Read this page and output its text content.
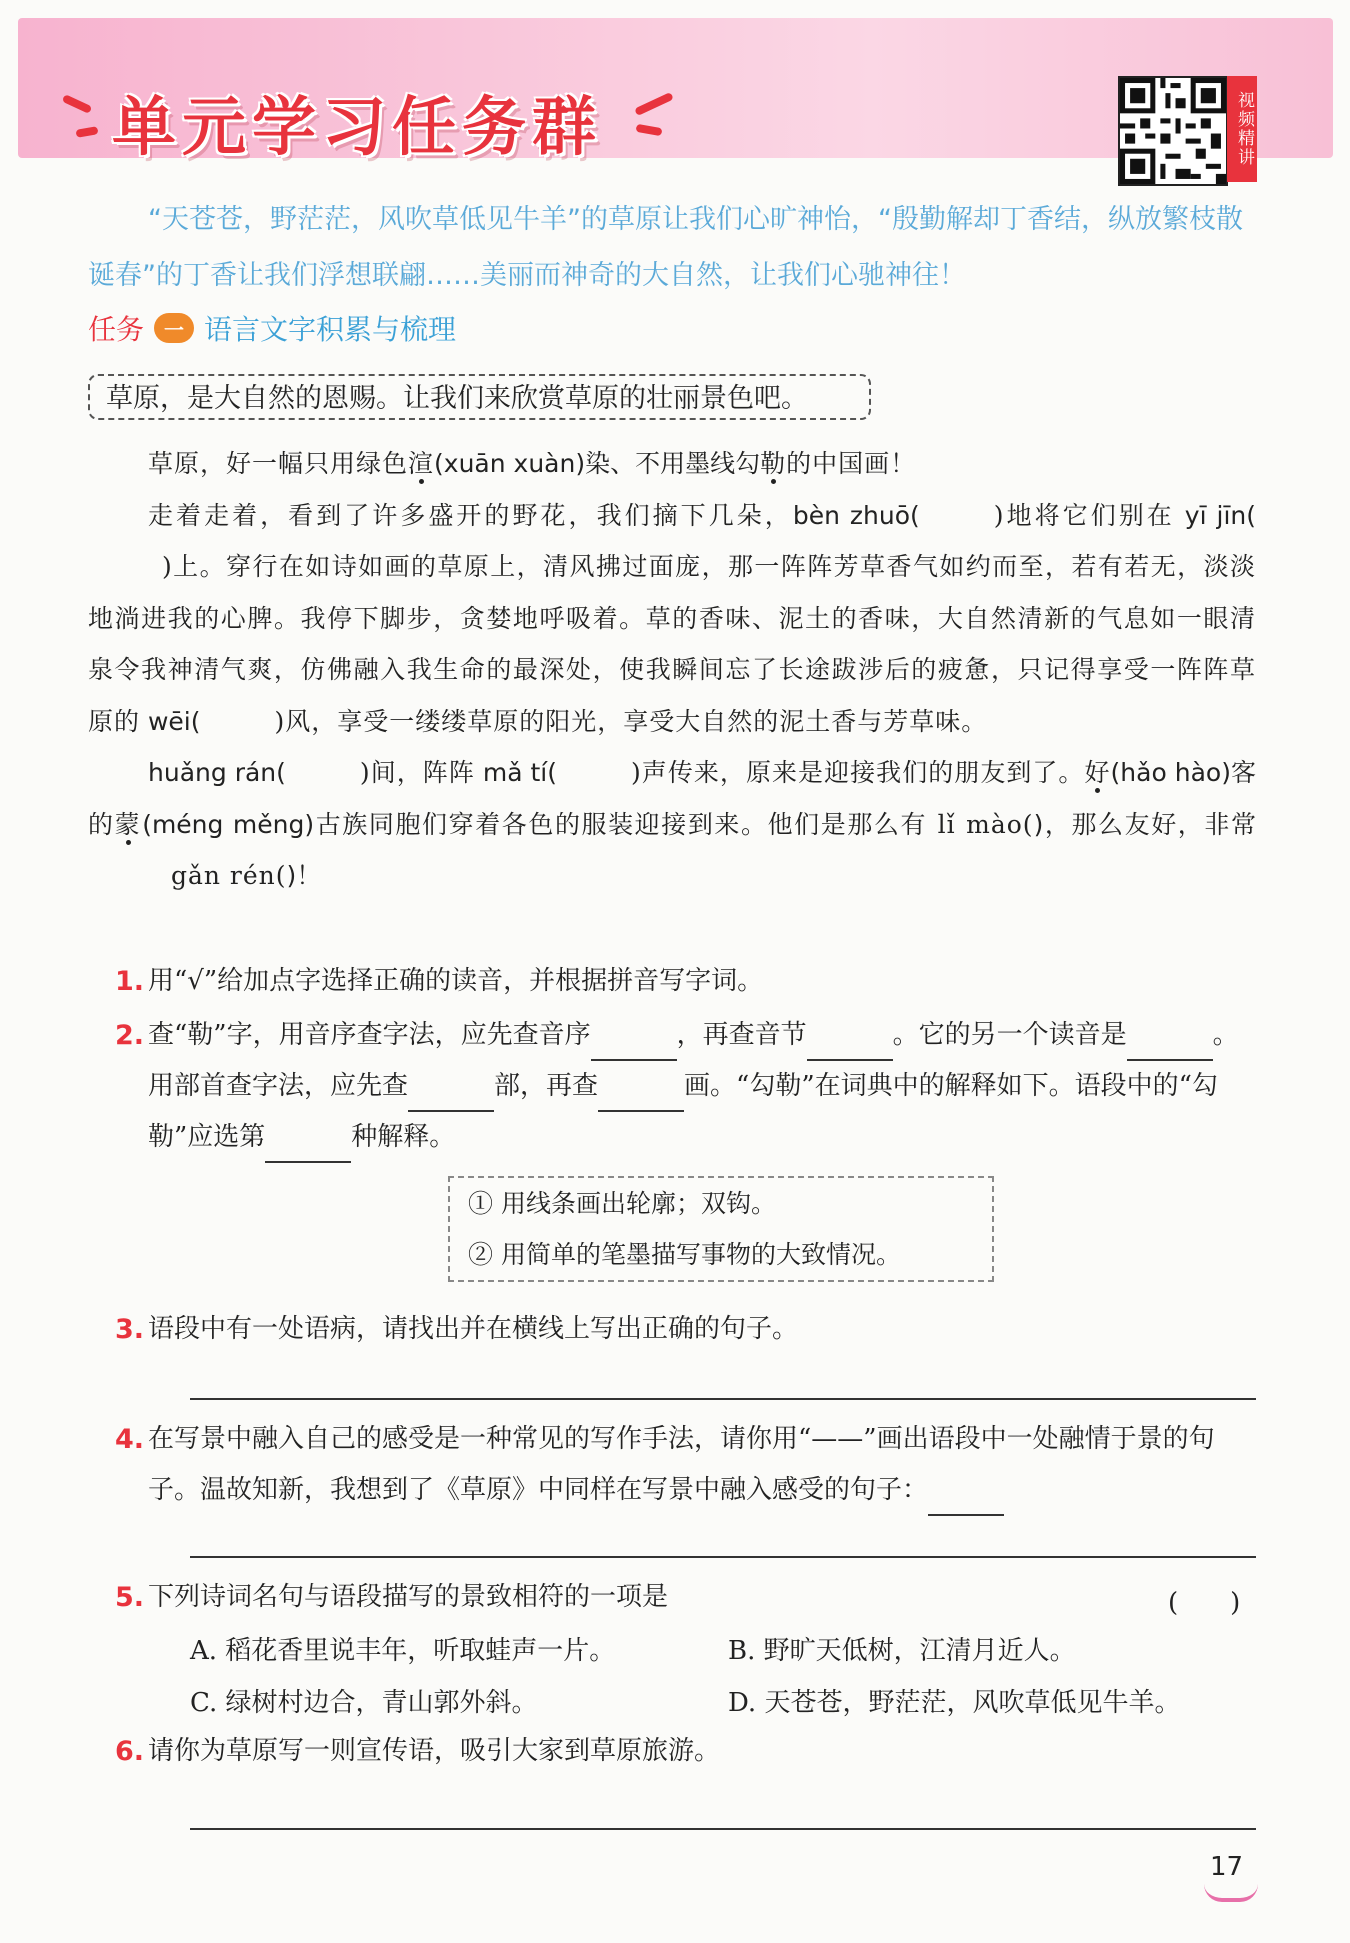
单元学习任务群	视频精讲
“天苍苍，野茫茫，风吹草低见牛羊”的草原让我们心旷神怡，“殷勤解却丁香结，纵放繁枝散诞春”的丁香让我们浮想联翩……美丽而神奇的大自然，让我们心驰神往！
任务	一 语言文字积累与梳理
草原，是大自然的恩赐。让我们来欣赏草原的壮丽景色吧。

草原，好一幅只用绿色渲(xuān xuàn)染、不用墨线勾勒的中国画！

走着走着，看到了许多盛开的野花，我们摘下几朵，bèn zhuō(	)地将它们别在 yī jīn()上。穿行在如诗如画的草原上，清风拂过面庞，那一阵阵芳草香气如约而至，若有若无，淡淡地淌进我的心脾。我停下脚步，贪婪地呼吸着。草的香味、泥土的香味，大自然清新的气息如一眼清泉令我神清气爽，仿佛融入我生命的最深处，使我瞬间忘了长途跋涉后的疲惫，只记得享受一阵阵草原的 wēi(	)风，享受一缕缕草原的阳光，享受大自然的泥土香与芳草味。

huǎng rán(	)间，阵阵 mǎ tí(	)声传来，原来是迎接我们的朋友到了。好(hǎo hào)客的蒙(méng měng)古族同胞们穿着各色的服装迎接到来。他们是那么有 lǐ mào()，那么友好，非常 gǎn rén()！

1. 用“√”给加点字选择正确的读音，并根据拼音写字词。
2. 查“勒”字，用音序查字法，应先查音序	，再查音节	。它的另一个读音是	。用部首查字法，应先查	部，再查	画。“勾勒”在词典中的解释如下。语段中的“勾勒”应选第	种解释。
① 用线条画出轮廓；双钩。
② 用简单的笔墨描写事物的大致情况。
3. 语段中有一处语病，请找出并在横线上写出正确的句子。
4. 在写景中融入自己的感受是一种常见的写作手法，请你用“——”画出语段中一处融情于景的句子。温故知新，我想到了《草原》中同样在写景中融入感受的句子：
5. 下列诗词名句与语段描写的景致相符的一项是	(　　)
A. 稻花香里说丰年，听取蛙声一片。	B. 野旷天低树，江清月近人。
C. 绿树村边合，青山郭外斜。	D. 天苍苍，野茫茫，风吹草低见牛羊。
6. 请你为草原写一则宣传语，吸引大家到草原旅游。
17
